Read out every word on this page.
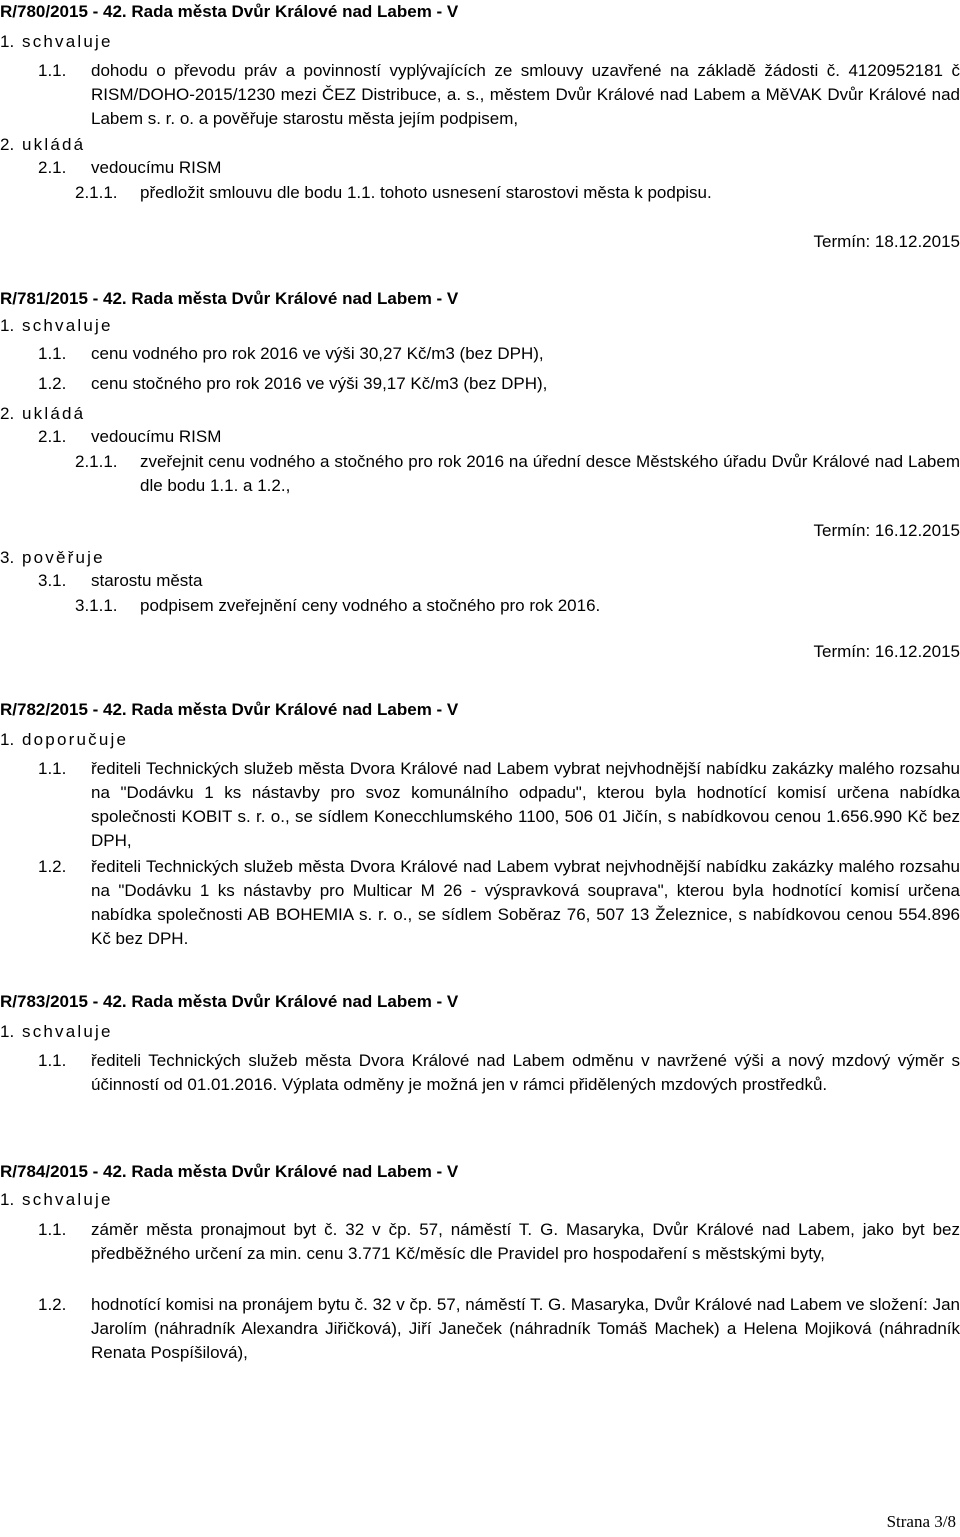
R/780/2015 - 42. Rada města Dvůr Králové nad Labem - V
1. schvaluje
1.1. dohodu o převodu práv a povinností vyplývajících ze smlouvy uzavřené na základě žádosti č. 4120952181 č RISM/DOHO-2015/1230 mezi ČEZ Distribuce, a. s., městem Dvůr Králové nad Labem a MěVAK Dvůr Králové nad Labem s. r. o. a pověřuje starostu města jejím podpisem,
2. ukládá
2.1. vedoucímu RISM
2.1.1. předložit smlouvu dle bodu 1.1. tohoto usnesení starostovi města k podpisu.
Termín: 18.12.2015
R/781/2015 - 42. Rada města Dvůr Králové nad Labem - V
1. schvaluje
1.1. cenu vodného pro rok 2016 ve výši 30,27 Kč/m3 (bez DPH),
1.2. cenu stočného pro rok 2016 ve výši 39,17 Kč/m3 (bez DPH),
2. ukládá
2.1. vedoucímu RISM
2.1.1. zveřejnit cenu vodného a stočného pro rok 2016 na úřední desce Městského úřadu Dvůr Králové nad Labem dle bodu 1.1. a 1.2.,
Termín: 16.12.2015
3. pověřuje
3.1. starostu města
3.1.1. podpisem zveřejnění ceny vodného a stočného pro rok 2016.
Termín: 16.12.2015
R/782/2015 - 42. Rada města Dvůr Králové nad Labem - V
1. doporučuje
1.1. řediteli Technických služeb města Dvora Králové nad Labem vybrat nejvhodnější nabídku zakázky malého rozsahu na "Dodávku 1 ks nástavby pro svoz komunálního odpadu", kterou byla hodnotící komisí určena nabídka společnosti KOBIT s. r. o., se sídlem Konecchlumského 1100, 506 01 Jičín, s nabídkovou cenou 1.656.990 Kč bez DPH,
1.2. řediteli Technických služeb města Dvora Králové nad Labem vybrat nejvhodnější nabídku zakázky malého rozsahu na "Dodávku 1 ks nástavby pro Multicar M 26 - výspravková souprava", kterou byla hodnotící komisí určena nabídka společnosti AB BOHEMIA s. r. o., se sídlem Soběraz 76, 507 13 Železnice, s nabídkovou cenou 554.896 Kč bez DPH.
R/783/2015 - 42. Rada města Dvůr Králové nad Labem - V
1. schvaluje
1.1. řediteli Technických služeb města Dvora Králové nad Labem odměnu v navržené výši a nový mzdový výměr s účinností od 01.01.2016. Výplata odměny je možná jen v rámci přidělených mzdových prostředků.
R/784/2015 - 42. Rada města Dvůr Králové nad Labem - V
1. schvaluje
1.1. záměr města pronajmout byt č. 32 v čp. 57, náměstí T. G. Masaryka, Dvůr Králové nad Labem, jako byt bez předběžného určení za min. cenu 3.771 Kč/měsíc dle Pravidel pro hospodaření s městskými byty,
1.2. hodnotící komisi na pronájem bytu č. 32 v čp. 57, náměstí T. G. Masaryka, Dvůr Králové nad Labem ve složení: Jan Jarolím (náhradník Alexandra Jiřičková), Jiří Janeček (náhradník Tomáš Machek) a Helena Mojiková (náhradník Renata Pospíšilová),
Strana 3/8
